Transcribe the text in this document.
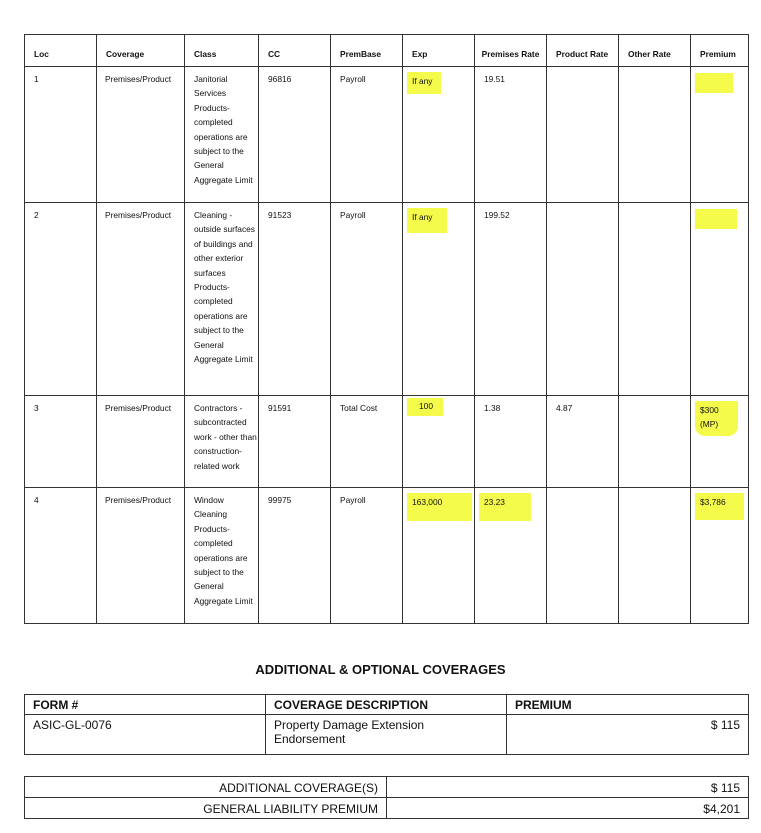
Loc	Coverage	Class	CC	PremBase	Exp	Premises Rate	Product Rate	Other Rate	Premium
1	Premises/Product	Janitorial Services Products-completed operations are subject to the General Aggregate Limit	96816	Payroll	If any	19.51			

2	Premises/Product	Cleaning - outside surfaces of buildings and other exterior surfaces Products-completed operations are subject to the General Aggregate Limit	91523	Payroll	If any	199.52			

3	Premises/Product	Contractors - subcontracted work - other than construction-related work	91591	Total Cost	100	1.38	4.87		$300 (MP)

4	Premises/Product	Window Cleaning Products-completed operations are subject to the General Aggregate Limit	99975	Payroll	163,000	23.23			$3,786
ADDITIONAL & OPTIONAL COVERAGES
FORM #	COVERAGE DESCRIPTION	PREMIUM
ASIC-GL-0076	Property Damage Extension Endorsement	$ 115
ADDITIONAL COVERAGE(S)	$ 115
GENERAL LIABILITY PREMIUM	$4,201
